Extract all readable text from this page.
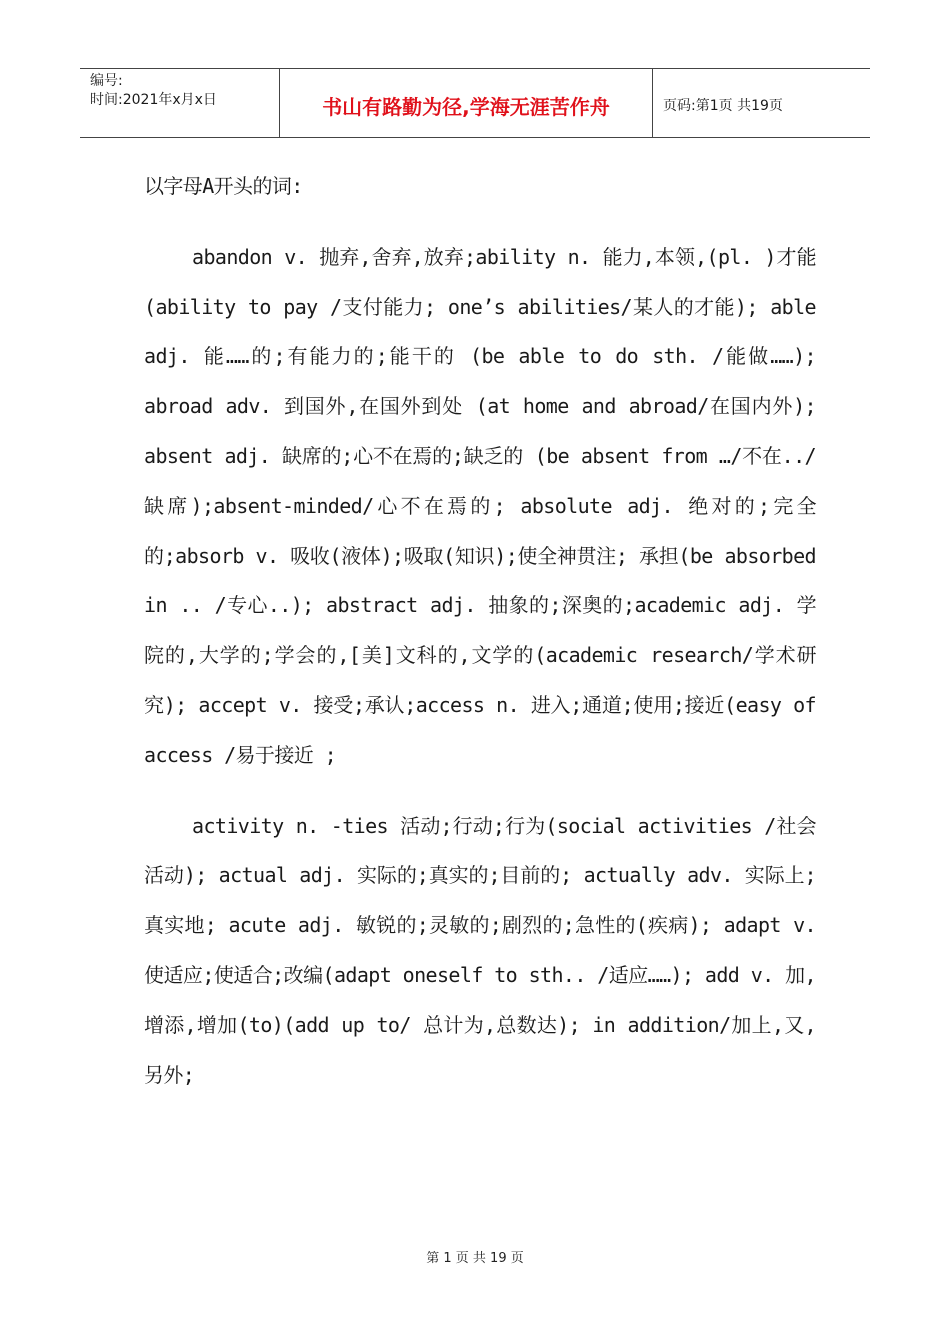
编号:
时间:2021年x月x日	书山有路勤为径,学海无涯苦作舟	页码:第1页 共19页

以字母A开头的词:

abandon v. 抛弃,舍弃,放弃;ability n. 能力,本领,(pl. )才能(ability to pay /支付能力; one’s abilities/某人的才能); able adj. 能……的;有能力的;能干的 (be able to do sth. /能做……); abroad adv. 到国外,在国外到处 (at home and abroad/在国内外); absent adj. 缺席的;心不在焉的;缺乏的 (be absent from …/不在../缺席);absent-minded/心不在焉的; absolute adj. 绝对的;完全的;absorb v. 吸收(液体);吸取(知识);使全神贯注; 承担(be absorbed in .. /专心..); abstract adj. 抽象的;深奥的;academic adj. 学院的,大学的;学会的,[美]文科的,文学的(academic research/学术研究); accept v. 接受;承认;access n. 进入;通道;使用;接近(easy of access /易于接近 ;

activity n. -ties 活动;行动;行为(social activities /社会活动); actual adj. 实际的;真实的;目前的; actually adv. 实际上;真实地; acute adj. 敏锐的;灵敏的;剧烈的;急性的(疾病); adapt v. 使适应;使适合;改编(adapt oneself to sth.. /适应……); add v. 加,增添,增加(to)(add up to/ 总计为,总数达); in addition/加上,又,另外;

第 1 页 共 19 页
